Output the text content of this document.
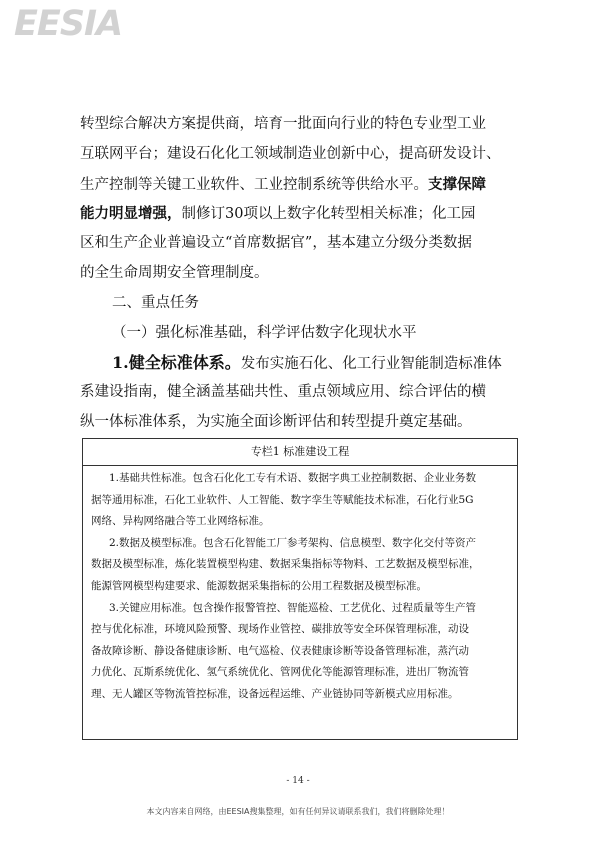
EESIA
转型综合解决方案提供商，培育一批面向行业的特色专业型工业
互联网平台；建设石化化工领域制造业创新中心，提高研发设计、
生产控制等关键工业软件、工业控制系统等供给水平。支撑保障
能力明显增强，制修订30项以上数字化转型相关标准；化工园
区和生产企业普遍设立“首席数据官”，基本建立分级分类数据
的全生命周期安全管理制度。
二、重点任务
（一）强化标准基础，科学评估数字化现状水平
1.健全标准体系。发布实施石化、化工行业智能制造标准体
系建设指南，健全涵盖基础共性、重点领域应用、综合评估的横
纵一体标准体系，为实施全面诊断评估和转型提升奠定基础。
专栏1 标准建设工程
1.基础共性标准。包含石化化工专有术语、数据字典工业控制数据、企业业务数
据等通用标准，石化工业软件、人工智能、数字孪生等赋能技术标准，石化行业5G
网络、异构网络融合等工业网络标准。
2.数据及模型标准。包含石化智能工厂参考架构、信息模型、数字化交付等资产
数据及模型标准，炼化装置模型构建、数据采集指标等物料、工艺数据及模型标准，
能源管网模型构建要求、能源数据采集指标的公用工程数据及模型标准。
3.关键应用标准。包含操作报警管控、智能巡检、工艺优化、过程质量等生产管
控与优化标准，环境风险预警、现场作业管控、碳排放等安全环保管理标准，动设
备故障诊断、静设备健康诊断、电气巡检、仪表健康诊断等设备管理标准，蒸汽动
力优化、瓦斯系统优化、氢气系统优化、管网优化等能源管理标准，进出厂物流管
理、无人罐区等物流管控标准，设备远程运维、产业链协同等新模式应用标准。
- 14 -
本文内容来自网络，由EESIA搜集整理，如有任何异议请联系我们，我们将删除处理！
